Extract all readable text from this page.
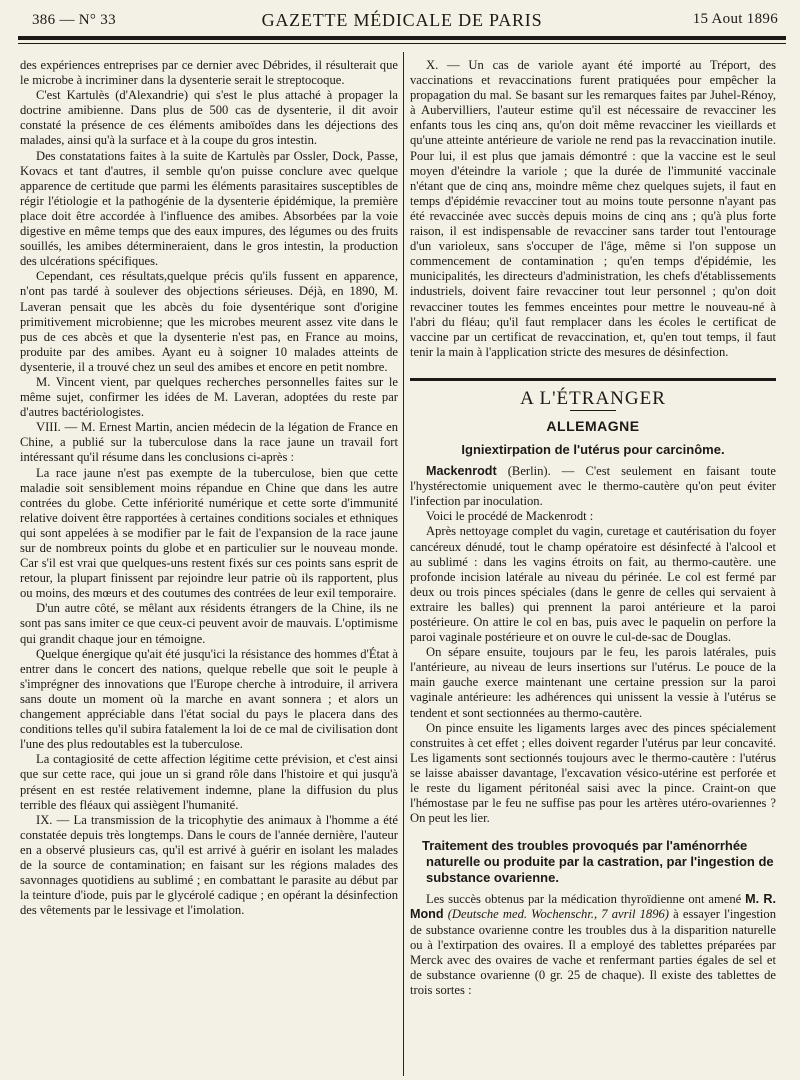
386 — N° 33	GAZETTE MÉDICALE DE PARIS	15 Aout 1896

des expériences entreprises par ce dernier avec Débrides, il résulterait que le microbe à incriminer dans la dysenterie serait le streptocoque.

C'est Kartulès (d'Alexandrie) qui s'est le plus attaché à propager la doctrine amibienne. Dans plus de 500 cas de dysenterie, il dit avoir constaté la présence de ces éléments amiboïdes dans les déjections des malades, ainsi qu'à la surface et à la coupe du gros intestin.

Des constatations faites à la suite de Kartulès par Ossler, Dock, Passe, Kovacs et tant d'autres, il semble qu'on puisse conclure avec quelque apparence de certitude que parmi les éléments parasitaires susceptibles de régir l'étiologie et la pathogénie de la dysenterie épidémique, la première place doit être accordée à l'influence des amibes. Absorbées par la voie digestive en même temps que des eaux impures, des légumes ou des fruits souillés, les amibes détermineraient, dans le gros intestin, la production des ulcérations spécifiques.

Cependant, ces résultats,quelque précis qu'ils fussent en apparence, n'ont pas tardé à soulever des objections sérieuses. Déjà, en 1890, M. Laveran pensait que les abcès du foie dysentérique sont d'origine primitivement microbienne; que les microbes meurent assez vite dans le pus de ces abcès et que la dysenterie n'est pas, en France au moins, produite par des amibes. Ayant eu à soigner 10 malades atteints de dysenterie, il a trouvé chez un seul des amibes et encore en petit nombre.

M. Vincent vient, par quelques recherches personnelles faites sur le même sujet, confirmer les idées de M. Laveran, adoptées du reste par d'autres bactériologistes.

VIII. — M. Ernest Martin, ancien médecin de la légation de France en Chine, a publié sur la tuberculose dans la race jaune un travail fort intéressant qu'il résume dans les conclusions ci-après :

La race jaune n'est pas exempte de la tuberculose, bien que cette maladie soit sensiblement moins répandue en Chine que dans les autre contrées du globe. Cette infériorité numérique et cette sorte d'immunité relative doivent être rapportées à certaines conditions sociales et ethniques qui sont appelées à se modifier par le fait de l'expansion de la race jaune sur de nombreux points du globe et en particulier sur le nouveau monde. Car s'il est vrai que quelques-uns restent fixés sur ces points sans esprit de retour, la plupart finissent par rejoindre leur patrie où ils rapportent, plus ou moins, des mœurs et des coutumes des contrées de leur exil temporaire.

D'un autre côté, se mêlant aux résidents étrangers de la Chine, ils ne sont pas sans imiter ce que ceux-ci peuvent avoir de mauvais. L'optimisme qui grandit chaque jour en témoigne.

Quelque énergique qu'ait été jusqu'ici la résistance des hommes d'État à entrer dans le concert des nations, quelque rebelle que soit le peuple à s'imprégner des innovations que l'Europe cherche à introduire, il arrivera sans doute un moment où la marche en avant sonnera ; et alors un changement appréciable dans l'état social du pays le placera dans des conditions telles qu'il subira fatalement la loi de ce mal de civilisation dont l'une des plus redoutables est la tuberculose.

La contagiosité de cette affection légitime cette prévision, et c'est ainsi que sur cette race, qui joue un si grand rôle dans l'histoire et qui jusqu'à présent en est restée relativement indemne, plane la diffusion du plus terrible des fléaux qui assiègent l'humanité.

IX. — La transmission de la tricophytie des animaux à l'homme a été constatée depuis très longtemps. Dans le cours de l'année dernière, l'auteur en a observé plusieurs cas, qu'il est arrivé à guérir en isolant les malades de la source de contamination; en faisant sur les régions malades des savonnages quotidiens au sublimé ; en combattant le parasite au début par la teinture d'iode, puis par le glycérolé cadique ; en opérant la désinfection des vêtements par le lessivage et l'imolation.

X. — Un cas de variole ayant été importé au Tréport, des vaccinations et revaccinations furent pratiquées pour empêcher la propagation du mal. Se basant sur les remarques faites par Juhel-Rénoy, à Aubervilliers, l'auteur estime qu'il est nécessaire de revacciner les enfants tous les cinq ans, qu'on doit même revacciner les vieillards et qu'une atteinte antérieure de variole ne rend pas la revaccination inutile. Pour lui, il est plus que jamais démontré : que la vaccine est le seul moyen d'éteindre la variole ; que la durée de l'immunité vaccinale n'étant que de cinq ans, moindre même chez quelques sujets, il faut en temps d'épidémie revacciner tout au moins toute personne n'ayant pas été revaccinée avec succès depuis moins de cinq ans ; qu'à plus forte raison, il est indispensable de revacciner sans tarder tout l'entourage d'un varioleux, sans s'occuper de l'âge, même si l'on suppose un commencement de contamination ; qu'en temps d'épidémie, les municipalités, les directeurs d'administration, les chefs d'établissements industriels, doivent faire revacciner tout leur personnel ; qu'on doit revacciner toutes les femmes enceintes pour mettre le nouveau-né à l'abri du fléau; qu'il faut remplacer dans les écoles le certificat de vaccine par un certificat de revaccination, et, qu'en tout temps, il faut tenir la main à l'application stricte des mesures de désinfection.

A L'ÉTRANGER
ALLEMAGNE
Igniextirpation de l'utérus pour carcinôme.

Mackenrodt (Berlin). — C'est seulement en faisant toute l'hystérectomie uniquement avec le thermo-cautère qu'on peut éviter l'infection par inoculation.

Voici le procédé de Mackenrodt :

Après nettoyage complet du vagin, curetage et cautérisation du foyer cancéreux dénudé, tout le champ opératoire est désinfecté à l'alcool et au sublimé : dans les vagins étroits on fait, au thermo-cautère. une profonde incision latérale au niveau du périnée. Le col est fermé par deux ou trois pinces spéciales (dans le genre de celles qui servaient à extraire les balles) qui prennent la paroi antérieure et la paroi postérieure. On attire le col en bas, puis avec le paquelin on perfore la paroi vaginale postérieure et on ouvre le cul-de-sac de Douglas.

On sépare ensuite, toujours par le feu, les parois latérales, puis l'antérieure, au niveau de leurs insertions sur l'utérus. Le pouce de la main gauche exerce maintenant une certaine pression sur la paroi vaginale antérieure: les adhérences qui unissent la vessie à l'utérus se tendent et sont sectionnées au thermo-cautère.

On pince ensuite les ligaments larges avec des pinces spécialement construites à cet effet ; elles doivent regarder l'utérus par leur concavité. Les ligaments sont sectionnés toujours avec le thermo-cautère : l'utérus se laisse abaisser davantage, l'excavation vésico-utérine est perforée et le reste du ligament péritonéal saisi avec la pince. Craint-on que l'hémostase par le feu ne suffise pas pour les artères utéro-ovariennes ? On peut les lier.

Traitement des troubles provoqués par l'aménorrhée naturelle ou produite par la castration, par l'ingestion de substance ovarienne.

Les succès obtenus par la médication thyroïdienne ont amené M. R. Mond (Deutsche med. Wochenschr., 7 avril 1896) à essayer l'ingestion de substance ovarienne contre les troubles dus à la disparition naturelle ou à l'extirpation des ovaires. Il a employé des tablettes préparées par Merck avec des ovaires de vache et renfermant parties égales de sel et de substance ovarienne (0 gr. 25 de chaque). Il existe des tablettes de trois sortes :
